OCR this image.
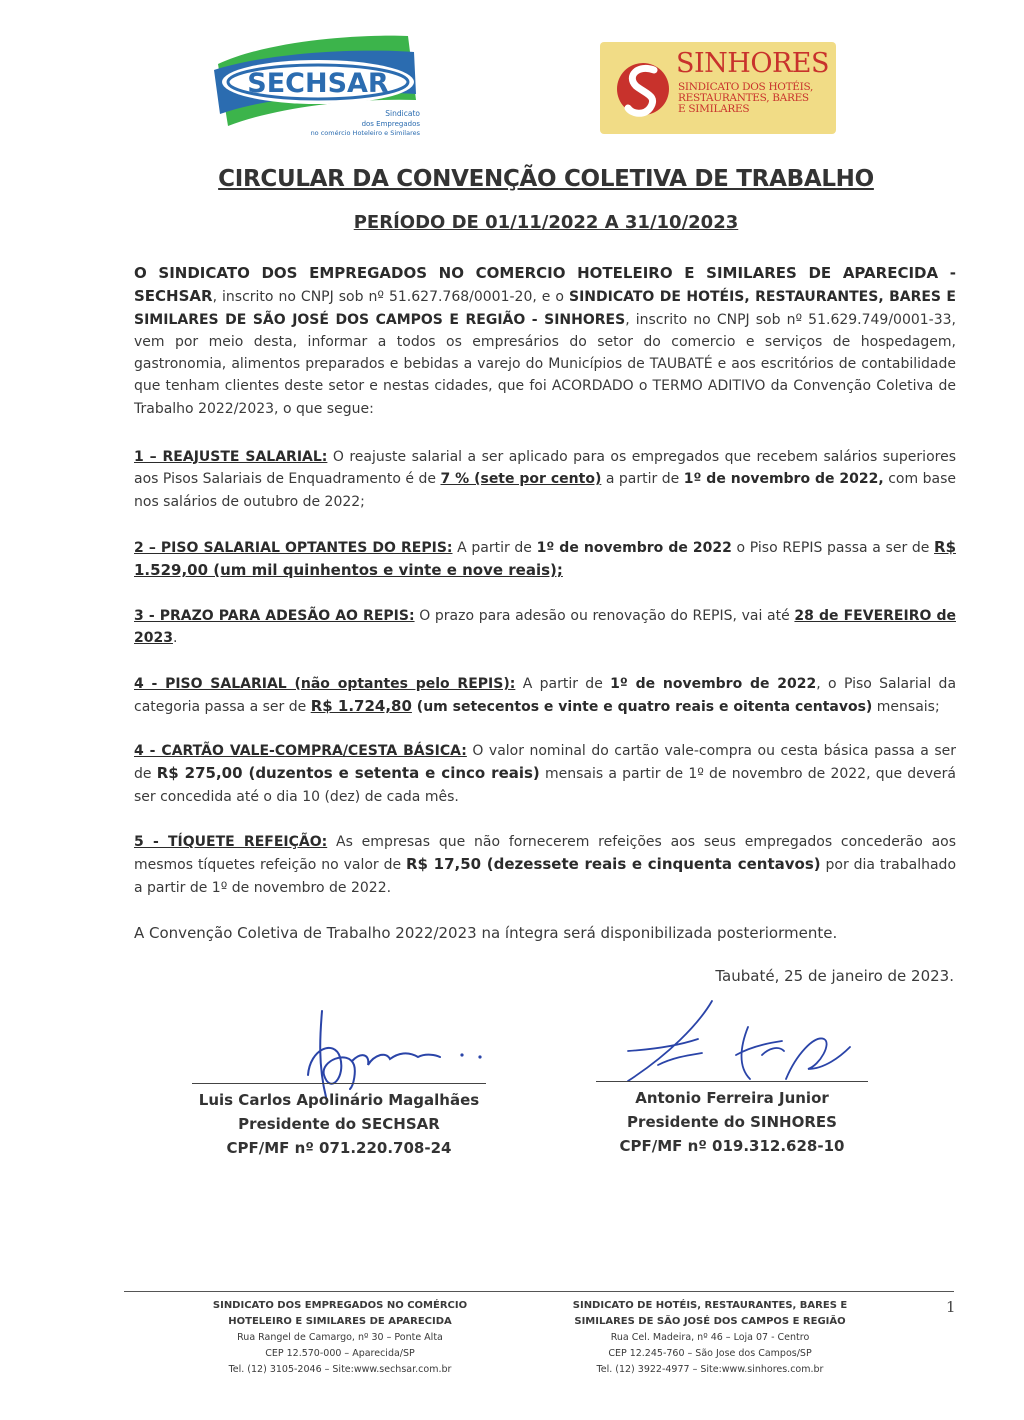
SECHSAR
Sindicato
dos Empregados
no comércio Hoteleiro e Similares
SINHORES
SINDICATO DOS HOTÉIS,
RESTAURANTES, BARES
E SIMILARES
CIRCULAR DA CONVENÇÃO COLETIVA DE TRABALHO
PERÍODO DE 01/11/2022 A 31/10/2023
O SINDICATO DOS EMPREGADOS NO COMERCIO HOTELEIRO E SIMILARES DE APARECIDA - SECHSAR, inscrito no CNPJ sob nº 51.627.768/0001-20, e o SINDICATO DE HOTÉIS, RESTAURANTES, BARES E SIMILARES DE SÃO JOSÉ DOS CAMPOS E REGIÃO - SINHORES, inscrito no CNPJ sob nº 51.629.749/0001-33, vem por meio desta, informar a todos os empresários do setor do comercio e serviços de hospedagem, gastronomia, alimentos preparados e bebidas a varejo do Municípios de TAUBATÉ e aos escritórios de contabilidade que tenham clientes deste setor e nestas cidades, que foi ACORDADO o TERMO ADITIVO da Convenção Coletiva de Trabalho 2022/2023, o que segue:
1 – REAJUSTE SALARIAL: O reajuste salarial a ser aplicado para os empregados que recebem salários superiores aos Pisos Salariais de Enquadramento é de 7 % (sete por cento) a partir de 1º de novembro de 2022, com base nos salários de outubro de 2022;
2 – PISO SALARIAL OPTANTES DO REPIS: A partir de 1º de novembro de 2022 o Piso REPIS passa a ser de R$ 1.529,00 (um mil quinhentos e vinte e nove reais);
3 - PRAZO PARA ADESÃO AO REPIS: O prazo para adesão ou renovação do REPIS, vai até 28 de FEVEREIRO de 2023.
4 - PISO SALARIAL (não optantes pelo REPIS): A partir de 1º de novembro de 2022, o Piso Salarial da categoria passa a ser de R$ 1.724,80 (um setecentos e vinte e quatro reais e oitenta centavos) mensais;
4 - CARTÃO VALE-COMPRA/CESTA BÁSICA: O valor nominal do cartão vale-compra ou cesta básica passa a ser de R$ 275,00 (duzentos e setenta e cinco reais) mensais a partir de 1º de novembro de 2022, que deverá ser concedida até o dia 10 (dez) de cada mês.
5 - TÍQUETE REFEIÇÃO: As empresas que não fornecerem refeições aos seus empregados concederão aos mesmos tíquetes refeição no valor de R$ 17,50 (dezessete reais e cinquenta centavos) por dia trabalhado a partir de 1º de novembro de 2022.
A Convenção Coletiva de Trabalho 2022/2023 na íntegra será disponibilizada posteriormente.
Taubaté, 25 de janeiro de 2023.
Luis Carlos Apolinário Magalhães
Presidente do SECHSAR
CPF/MF nº 071.220.708-24
Antonio Ferreira Junior
Presidente do SINHORES
CPF/MF nº 019.312.628-10
SINDICATO DOS EMPREGADOS NO COMÉRCIO
HOTELEIRO E SIMILARES DE APARECIDA
Rua Rangel de Camargo, nº 30 – Ponte Alta
CEP 12.570-000 – Aparecida/SP
Tel. (12) 3105-2046 – Site:www.sechsar.com.br
SINDICATO DE HOTÉIS, RESTAURANTES, BARES E
SIMILARES DE SÃO JOSÉ DOS CAMPOS E REGIÃO
Rua Cel. Madeira, nº 46 – Loja 07 - Centro
CEP 12.245-760 – São Jose dos Campos/SP
Tel. (12) 3922-4977 – Site:www.sinhores.com.br
1
